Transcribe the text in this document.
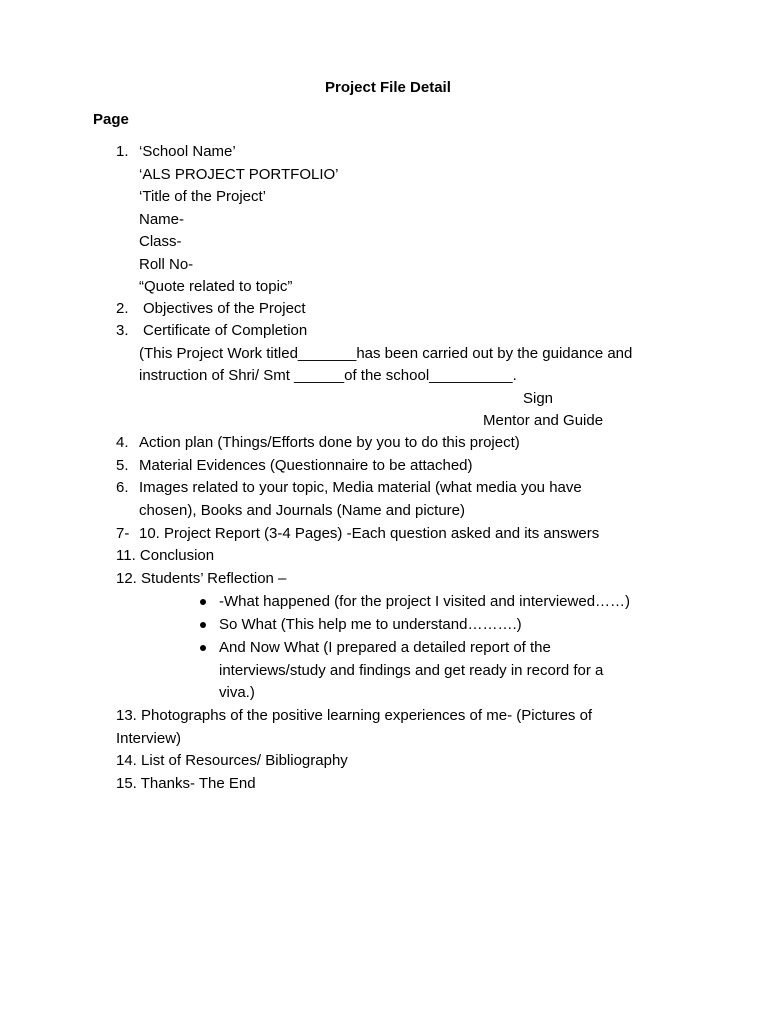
Project File Detail
Page
1. ‘School Name’
‘ALS PROJECT PORTFOLIO’
‘Title of the Project’
Name-
Class-
Roll No-
“Quote related to topic”
2. Objectives of the Project
3. Certificate of Completion
(This Project Work titled_______has been carried out by the guidance and
instruction of Shri/ Smt ______of the school__________.
Sign
Mentor and Guide
4. Action plan (Things/Efforts done by you to do this project)
5. Material Evidences (Questionnaire to be attached)
6. Images related to your topic, Media material (what media you have
chosen), Books and Journals (Name and picture)
7- 10. Project Report (3-4 Pages) -Each question asked and its answers
11. Conclusion
12. Students’ Reflection –
-What happened (for the project I visited and interviewed……)
So What (This help me to understand……….)
And Now What (I prepared a detailed report of the
interviews/study and findings and get ready in record for a
viva.)
13. Photographs of the positive learning experiences of me- (Pictures of
Interview)
14. List of Resources/ Bibliography
15. Thanks- The End
